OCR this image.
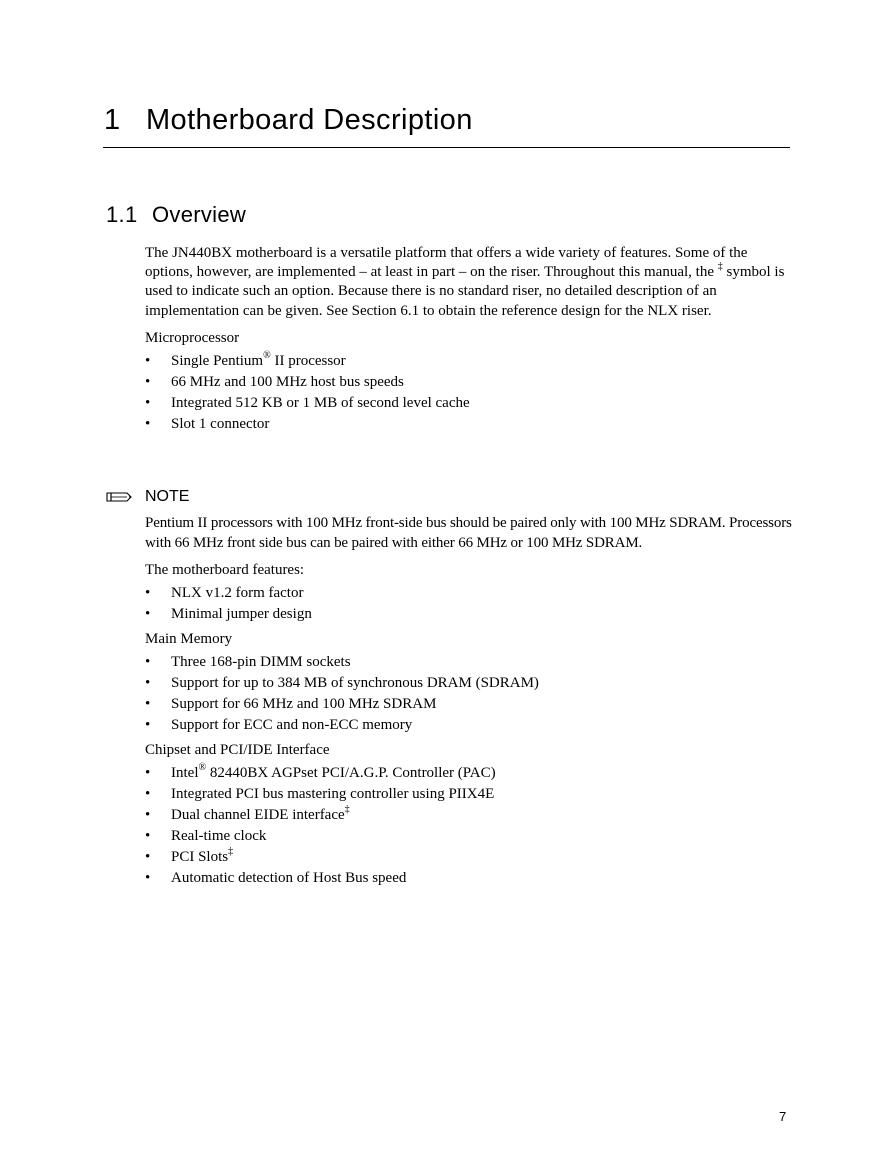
1 Motherboard Description
1.1 Overview

The JN440BX motherboard is a versatile platform that offers a wide variety of features. Some of the options, however, are implemented – at least in part – on the riser. Throughout this manual, the ‡ symbol is used to indicate such an option. Because there is no standard riser, no detailed description of an implementation can be given. See Section 6.1 to obtain the reference design for the NLX riser.

Microprocessor
• Single Pentium® II processor
• 66 MHz and 100 MHz host bus speeds
• Integrated 512 KB or 1 MB of second level cache
• Slot 1 connector
NOTE

Pentium II processors with 100 MHz front-side bus should be paired only with 100 MHz SDRAM. Processors with 66 MHz front side bus can be paired with either 66 MHz or 100 MHz SDRAM.

The motherboard features:
• NLX v1.2 form factor
• Minimal jumper design
Main Memory
• Three 168-pin DIMM sockets
• Support for up to 384 MB of synchronous DRAM (SDRAM)
• Support for 66 MHz and 100 MHz SDRAM
• Support for ECC and non-ECC memory
Chipset and PCI/IDE Interface
• Intel® 82440BX AGPset PCI/A.G.P. Controller (PAC)
• Integrated PCI bus mastering controller using PIIX4E
• Dual channel EIDE interface‡
• Real-time clock
• PCI Slots‡
• Automatic detection of Host Bus speed
7
